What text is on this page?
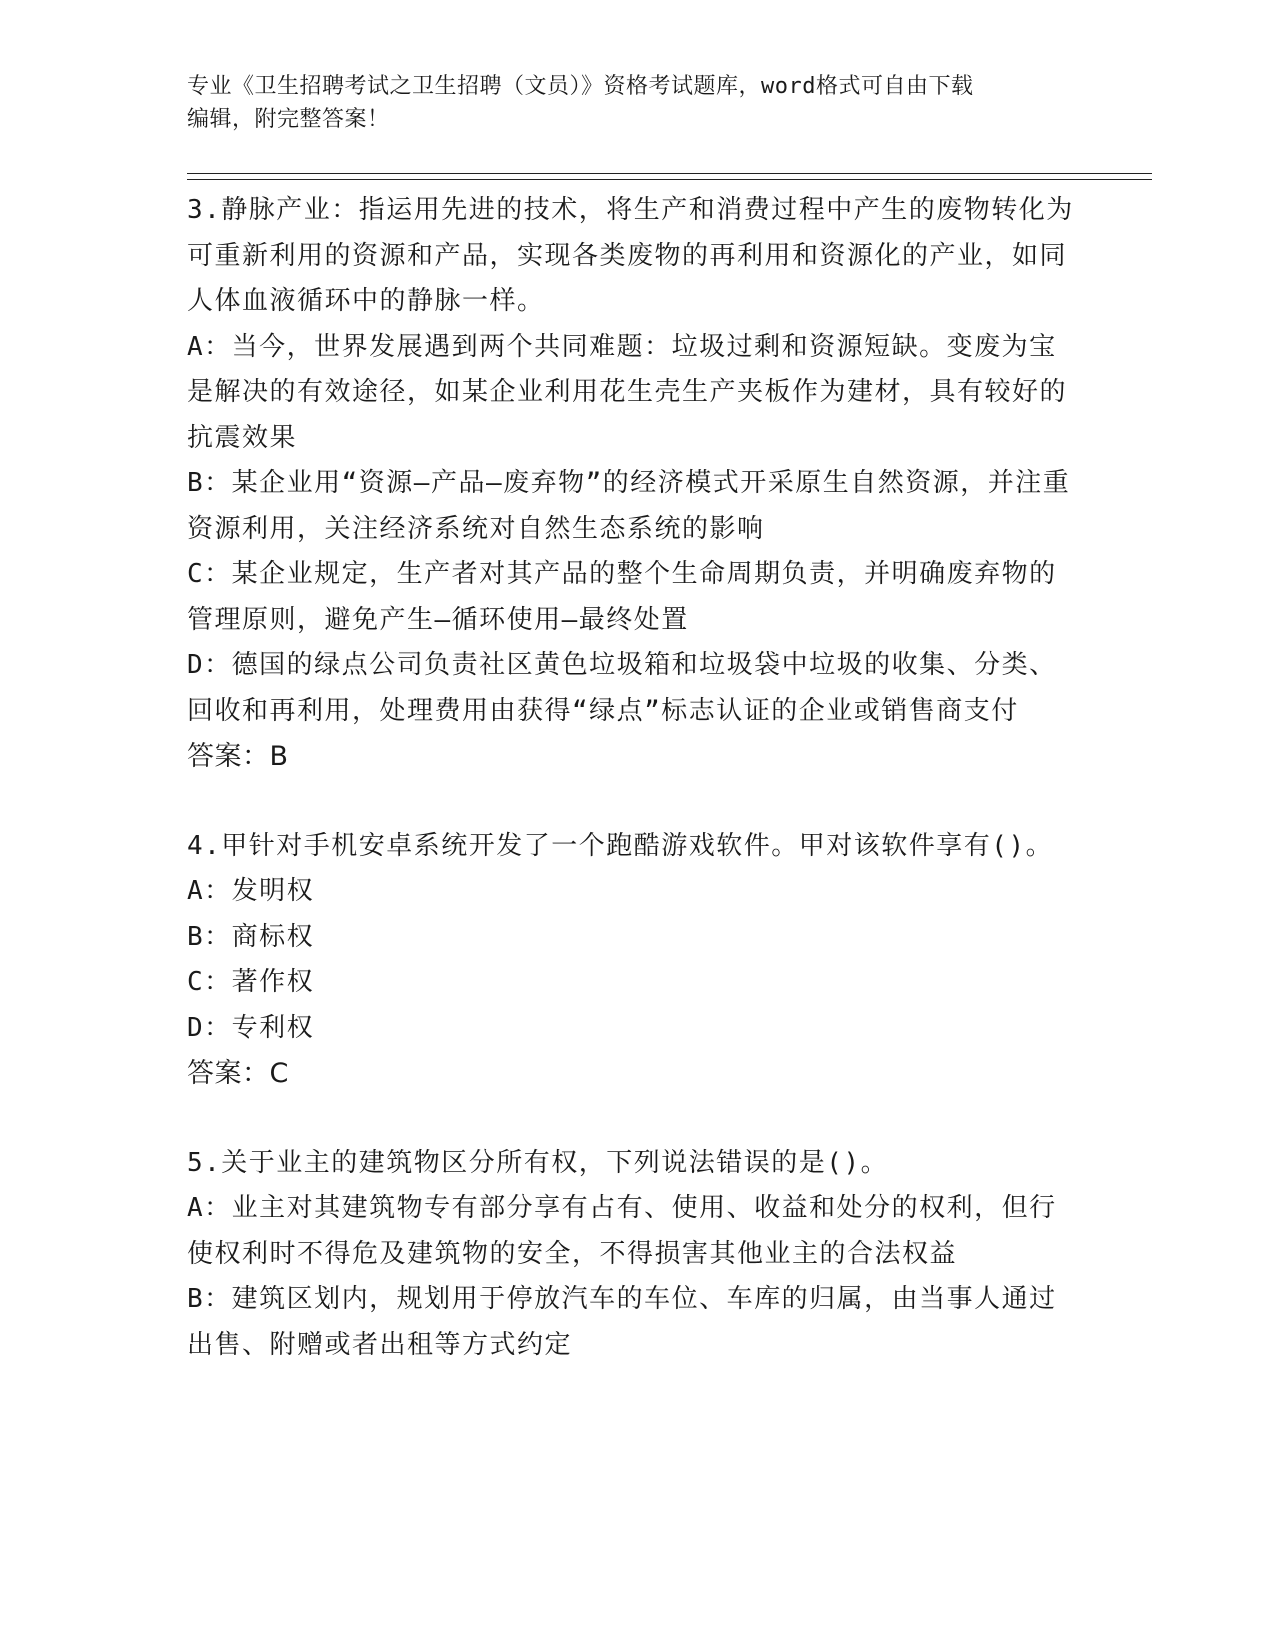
专业《卫生招聘考试之卫生招聘（文员）》资格考试题库，word格式可自由下载
编辑，附完整答案！

3.静脉产业：指运用先进的技术，将生产和消费过程中产生的废物转化为可重新利用的资源和产品，实现各类废物的再利用和资源化的产业，如同人体血液循环中的静脉一样。

A：当今，世界发展遇到两个共同难题：垃圾过剩和资源短缺。变废为宝是解决的有效途径，如某企业利用花生壳生产夹板作为建材，具有较好的抗震效果

B：某企业用“资源—产品—废弃物”的经济模式开采原生自然资源，并注重资源利用，关注经济系统对自然生态系统的影响

C：某企业规定，生产者对其产品的整个生命周期负责，并明确废弃物的管理原则，避免产生—循环使用—最终处置

D：德国的绿点公司负责社区黄色垃圾箱和垃圾袋中垃圾的收集、分类、回收和再利用，处理费用由获得“绿点”标志认证的企业或销售商支付

答案：B

4.甲针对手机安卓系统开发了一个跑酷游戏软件。甲对该软件享有()。

A：发明权

B：商标权

C：著作权

D：专利权

答案：C

5.关于业主的建筑物区分所有权，下列说法错误的是()。

A：业主对其建筑物专有部分享有占有、使用、收益和处分的权利，但行使权利时不得危及建筑物的安全，不得损害其他业主的合法权益

B：建筑区划内，规划用于停放汽车的车位、车库的归属，由当事人通过出售、附赠或者出租等方式约定
